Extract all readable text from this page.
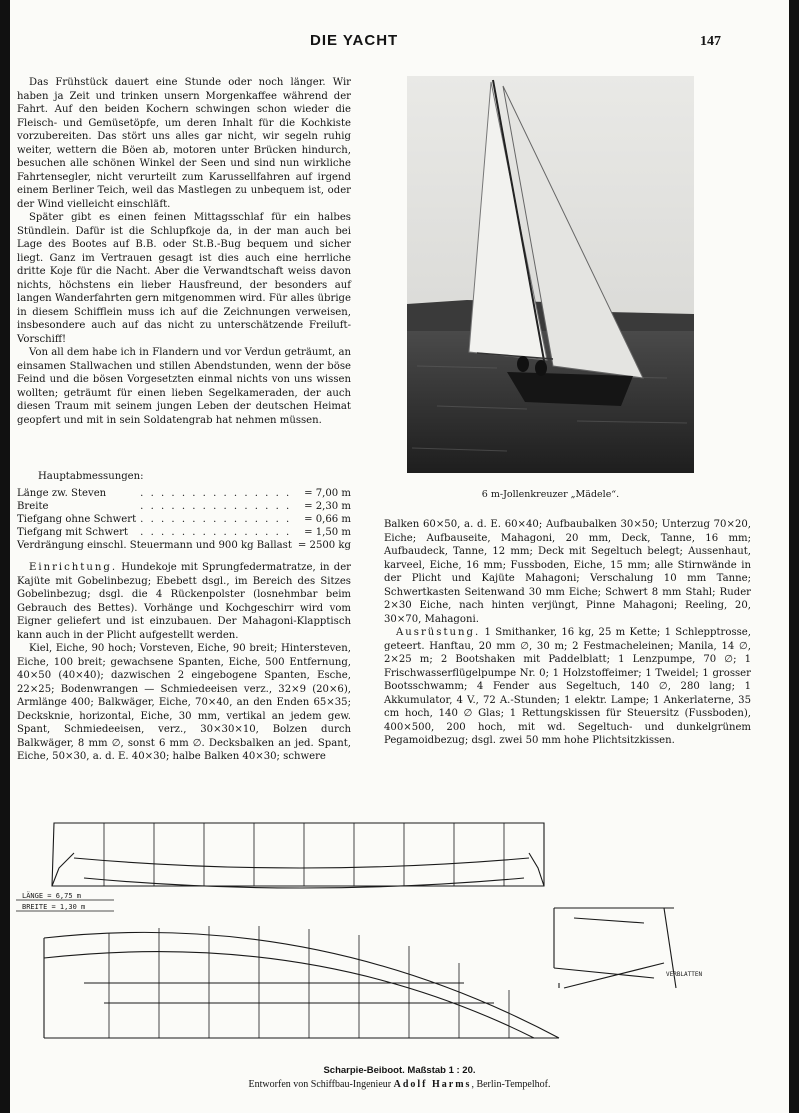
DIE YACHT	147

Das Frühstück dauert eine Stunde oder noch länger. Wir haben ja Zeit und trinken unsern Morgenkaffee während der Fahrt. Auf den beiden Kochern schwingen schon wieder die Fleisch- und Gemüsetöpfe, um deren Inhalt für die Kochkiste vorzubereiten. Das stört uns alles gar nicht, wir segeln ruhig weiter, wettern die Böen ab, motoren unter Brücken hindurch, besuchen alle schönen Winkel der Seen und sind nun wirkliche Fahrtensegler, nicht verurteilt zum Karussellfahren auf irgend einem Berliner Teich, weil das Mastlegen zu unbequem ist, oder der Wind vielleicht einschläft.

Später gibt es einen feinen Mittagsschlaf für ein halbes Stündlein. Dafür ist die Schlupfkoje da, in der man auch bei Lage des Bootes auf B.B. oder St.B.-Bug bequem und sicher liegt. Ganz im Vertrauen gesagt ist dies auch eine herrliche dritte Koje für die Nacht. Aber die Verwandtschaft weiss davon nichts, höchstens ein lieber Hausfreund, der besonders auf langen Wanderfahrten gern mitgenommen wird. Für alles übrige in diesem Schifflein muss ich auf die Zeichnungen verweisen, insbesondere auch auf das nicht zu unterschätzende Freiluft-Vorschiff!

Von all dem habe ich in Flandern und vor Verdun geträumt, an einsamen Stallwachen und stillen Abendstunden, wenn der böse Feind und die bösen Vorgesetzten einmal nichts von uns wissen wollten; geträumt für einen lieben Segelkameraden, der auch diesen Traum mit seinem jungen Leben der deutschen Heimat geopfert und mit in sein Soldatengrab hat nehmen müssen.

Hauptabmessungen:
Länge zw. Steven	. . .	= 7,00 m
Breite	. . .	= 2,30 m
Tiefgang ohne Schwert	. . .	= 0,66 m
Tiefgang mit Schwert	. . .	= 1,50 m
Verdrängung einschl. Steuermann und 900 kg Ballast		= 2500 kg

Einrichtung. Hundekoje mit Sprungfedermatratze, in der Kajüte mit Gobelinbezug; Ebebett dsgl., im Bereich des Sitzes Gobelinbezug; dsgl. die 4 Rückenpolster (losnehmbar beim Gebrauch des Bettes). Vorhänge und Kochgeschirr wird vom Eigner geliefert und ist einzubauen. Der Mahagoni-Klapptisch kann auch in der Plicht aufgestellt werden.

Kiel, Eiche, 90 hoch; Vorsteven, Eiche, 90 breit; Hintersteven, Eiche, 100 breit; gewachsene Spanten, Eiche, 500 Entfernung, 40×50 (40×40); dazwischen 2 eingebogene Spanten, Esche, 22×25; Bodenwrangen — Schmiedeeisen verz., 32×9 (20×6), Armlänge 400; Balkwäger, Eiche, 70×40, an den Enden 65×35; Decksknie, horizontal, Eiche, 30 mm, vertikal an jedem gew. Spant, Schmiedeeisen, verz., 30×30×10, Bolzen durch Balkwäger, 8 mm ∅, sonst 6 mm ∅. Decksbalken an jed. Spant, Eiche, 50×30, a. d. E. 40×30; halbe Balken 40×30; schwere

6 m-Jollenkreuzer „Mädele“.

Balken 60×50, a. d. E. 60×40; Aufbaubalken 30×50; Unterzug 70×20, Eiche; Aufbauseite, Mahagoni, 20 mm, Deck, Tanne, 16 mm; Aufbaudeck, Tanne, 12 mm; Deck mit Segeltuch belegt; Aussenhaut, karveel, Eiche, 16 mm; Fussboden, Eiche, 15 mm; alle Stirnwände in der Plicht und Kajüte Mahagoni; Verschalung 10 mm Tanne; Schwertkasten Seitenwand 30 mm Eiche; Schwert 8 mm Stahl; Ruder 2×30 Eiche, nach hinten verjüngt, Pinne Mahagoni; Reeling, 20, 30×70, Mahagoni.

Ausrüstung. 1 Smithanker, 16 kg, 25 m Kette; 1 Schlepptrosse, geteert. Hanftau, 20 mm ∅, 30 m; 2 Festmacheleinen; Manila, 14 ∅, 2×25 m; 2 Bootshaken mit Paddelblatt; 1 Lenzpumpe, 70 ∅; 1 Frischwasserflügelpumpe Nr. 0; 1 Holzstoffeimer; 1 Tweidel; 1 grosser Bootsschwamm; 4 Fender aus Segeltuch, 140 ∅, 280 lang; 1 Akkumulator, 4 V., 72 A.-Stunden; 1 elektr. Lampe; 1 Ankerlaterne, 35 cm hoch, 140 ∅ Glas; 1 Rettungskissen für Steuersitz (Fussboden), 400×500, 200 hoch, mit wd. Segeltuch- und dunkelgrünem Pegamoidbezug; dsgl. zwei 50 mm hohe Plichtsitzkissen.

LÄNGE = 6,75 m
BREITE = 1,30 m
VERBLATTEN
Scharpie-Beiboot. Maßstab 1 : 20.
Entworfen von Schiffbau-Ingenieur Adolf Harms, Berlin-Tempelhof.
